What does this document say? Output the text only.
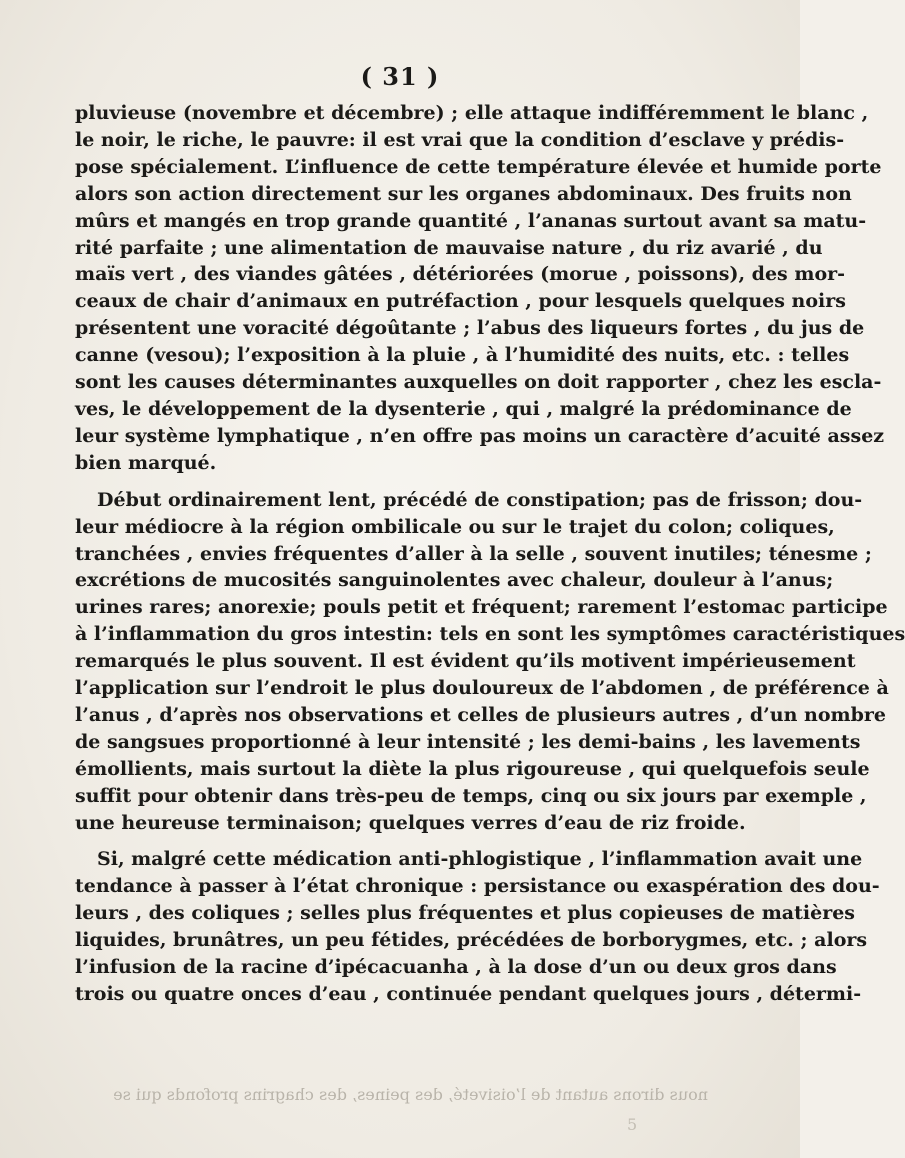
( 31 )
pluvieuse (novembre et décembre) ; elle attaque indifféremment le blanc ,
le noir, le riche, le pauvre: il est vrai que la condition d’esclave y prédis-
pose spécialement. L’influence de cette température élevée et humide porte
alors son action directement sur les organes abdominaux. Des fruits non
mûrs et mangés en trop grande quantité , l’ananas surtout avant sa matu-
rité parfaite ; une alimentation de mauvaise nature , du riz avarié , du
maïs vert , des viandes gâtées , détériorées (morue , poissons), des mor-
ceaux de chair d’animaux en putréfaction , pour lesquels quelques noirs
présentent une voracité dégoûtante ; l’abus des liqueurs fortes , du jus de
canne (vesou); l’exposition à la pluie , à l’humidité des nuits, etc. : telles
sont les causes déterminantes auxquelles on doit rapporter , chez les escla-
ves, le développement de la dysenterie , qui , malgré la prédominance de
leur système lymphatique , n’en offre pas moins un caractère d’acuité assez
bien marqué.
Début ordinairement lent, précédé de constipation; pas de frisson; dou-
leur médiocre à la région ombilicale ou sur le trajet du colon; coliques,
tranchées , envies fréquentes d’aller à la selle , souvent inutiles; ténesme ;
excrétions de mucosités sanguinolentes avec chaleur, douleur à l’anus;
urines rares; anorexie; pouls petit et fréquent; rarement l’estomac participe
à l’inflammation du gros intestin: tels en sont les symptômes caractéristiques
remarqués le plus souvent. Il est évident qu’ils motivent impérieusement
l’application sur l’endroit le plus douloureux de l’abdomen , de préférence à
l’anus , d’après nos observations et celles de plusieurs autres , d’un nombre
de sangsues proportionné à leur intensité ; les demi-bains , les lavements
émollients, mais surtout la diète la plus rigoureuse , qui quelquefois seule
suffit pour obtenir dans très-peu de temps, cinq ou six jours par exemple ,
une heureuse terminaison; quelques verres d’eau de riz froide.
Si, malgré cette médication anti-phlogistique , l’inflammation avait une
tendance à passer à l’état chronique : persistance ou exaspération des dou-
leurs , des coliques ; selles plus fréquentes et plus copieuses de matières
liquides, brunâtres, un peu fétides, précédées de borborygmes, etc. ; alors
l’infusion de la racine d’ipécacuanha , à la dose d’un ou deux gros dans
trois ou quatre onces d’eau , continuée pendant quelques jours , détermi-
nous dirons autant de l’oisiveté, des peines, des chagrins profonds qui se
5
